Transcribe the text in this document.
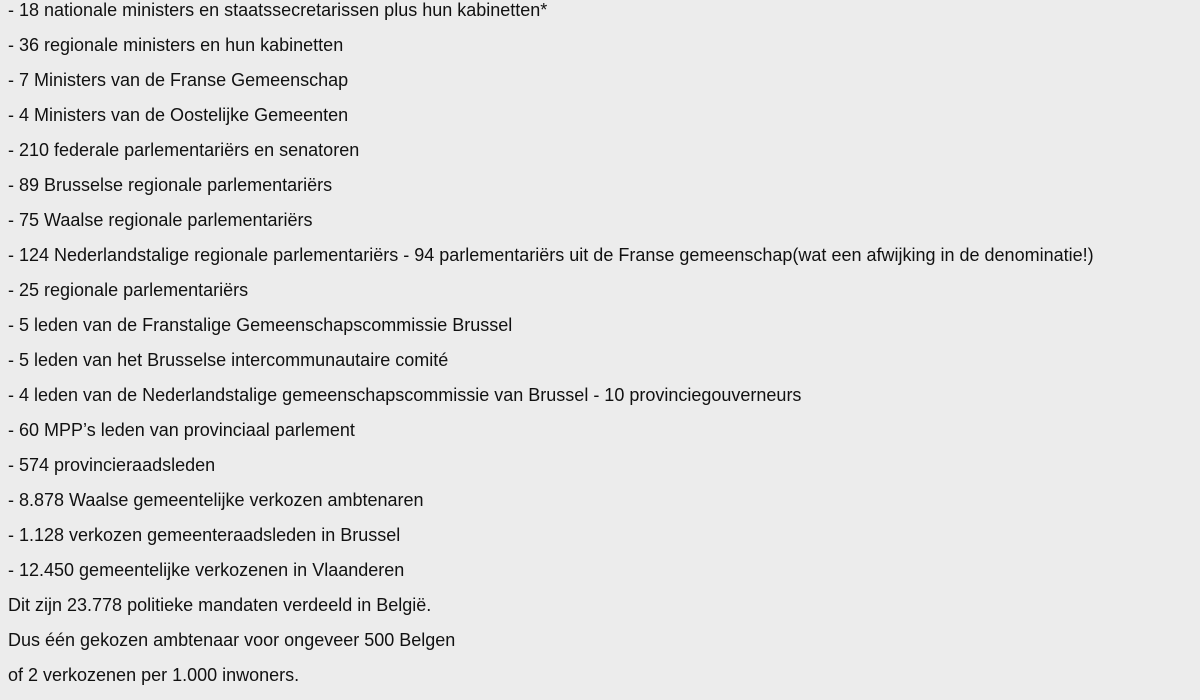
- 18 nationale ministers en staatssecretarissen plus hun kabinetten*
- 36 regionale ministers en hun kabinetten
- 7 Ministers van de Franse Gemeenschap
- 4 Ministers van de Oostelijke Gemeenten
- 210 federale parlementariërs en senatoren
- 89 Brusselse regionale parlementariërs
- 75 Waalse regionale parlementariërs
- 124 Nederlandstalige regionale parlementariërs - 94 parlementariërs uit de Franse gemeenschap(wat een afwijking in de denominatie!)
- 25 regionale parlementariërs
- 5 leden van de Franstalige Gemeenschapscommissie Brussel
- 5 leden van het Brusselse intercommunautaire comité
- 4 leden van de Nederlandstalige gemeenschapscommissie van Brussel - 10 provinciegouverneurs
- 60 MPP’s leden van provinciaal parlement
- 574 provincieraadsleden
- 8.878 Waalse gemeentelijke verkozen ambtenaren
- 1.128 verkozen gemeenteraadsleden in Brussel
- 12.450 gemeentelijke verkozenen in Vlaanderen
Dit zijn 23.778 politieke mandaten verdeeld in België.
Dus één gekozen ambtenaar voor ongeveer 500 Belgen
of 2 verkozenen per 1.000 inwoners.
